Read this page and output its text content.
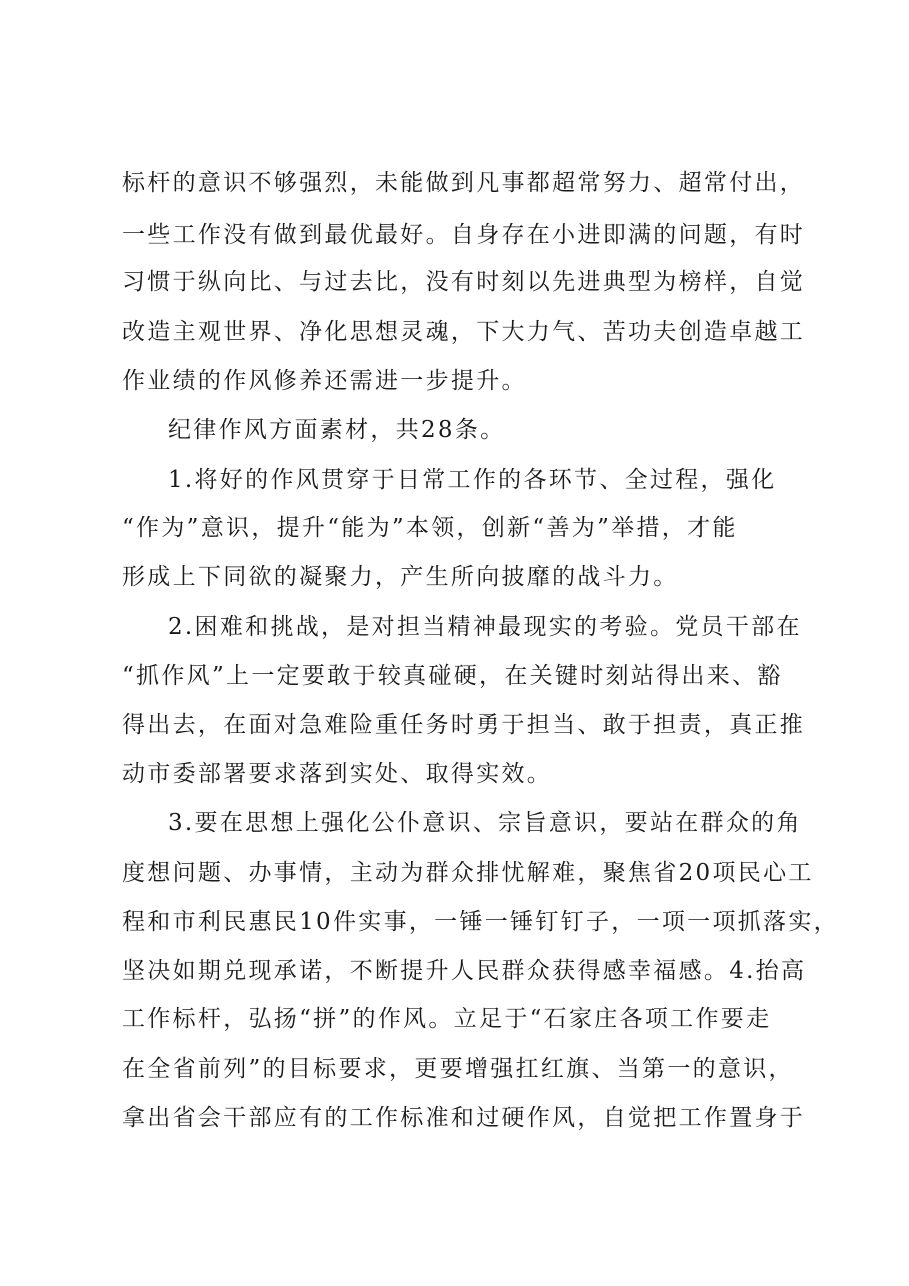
标杆的意识不够强烈，未能做到凡事都超常努力、超常付出，
一些工作没有做到最优最好。自身存在小进即满的问题，有时
习惯于纵向比、与过去比，没有时刻以先进典型为榜样，自觉
改造主观世界、净化思想灵魂，下大力气、苦功夫创造卓越工
作业绩的作风修养还需进一步提升。
纪律作风方面素材，共28条。
1.将好的作风贯穿于日常工作的各环节、全过程，强化
“作为”意识，提升“能为”本领，创新“善为”举措，才能
形成上下同欲的凝聚力，产生所向披靡的战斗力。
2.困难和挑战，是对担当精神最现实的考验。党员干部在
“抓作风”上一定要敢于较真碰硬，在关键时刻站得出来、豁
得出去，在面对急难险重任务时勇于担当、敢于担责，真正推
动市委部署要求落到实处、取得实效。
3.要在思想上强化公仆意识、宗旨意识，要站在群众的角
度想问题、办事情，主动为群众排忧解难，聚焦省20项民心工
程和市利民惠民10件实事，一锤一锤钉钉子，一项一项抓落实，
坚决如期兑现承诺，不断提升人民群众获得感幸福感。4.抬高
工作标杆，弘扬“拼”的作风。立足于“石家庄各项工作要走
在全省前列”的目标要求，更要增强扛红旗、当第一的意识，
拿出省会干部应有的工作标准和过硬作风，自觉把工作置身于
